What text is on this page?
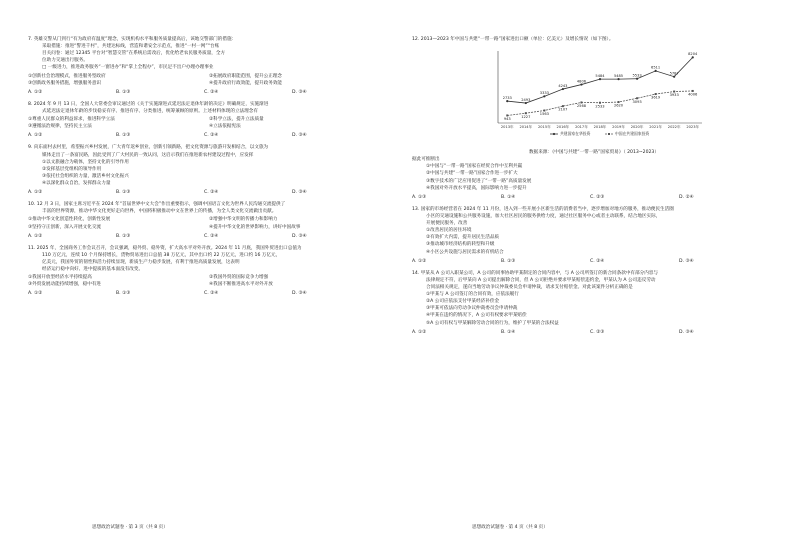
7. 英雄交警从门到行“有为政府有温度”理念，实现机构水平和服务质量提高后，该地交警部门的措施：

采取措施：推进“警进千村”，共建达标线，营造和谐安全示范点，推进“一村一网”“台账

目关问卷：通过 12345 平台对“智慧交管”在系统后需改后，优化给老农民服务质量，全方

位助力交通出行服务。

□ 一级进力，推进政务服务“一窗进办”和“掌上全程办”，市民足不出户办理办理事业

①创新社会治理模式，推进服务型政府	②拓展政府职能范围，提升公正理念
③创新政务服务措施，增强服务意识	④提升政府行政效能，提升政务效能
A. ①②	B. ①③	C. ②④	D. ③④

8. 2024 年 9 月 13 日，全国人大常委会审议通过的《关于实施渐进式延迟法定退休年龄的决定》明确规定，实施渐进

式延迟法定退休年龄的步伐稳妥有序、推进有序、分类推进，统筹兼顾的原则。上述材料体现的立法理念有

①尊重人民群众的利益诉求，推进科学立法	②科学立法，提升立法质量
③遵循法治规律，坚持民主立法	④立法依据宪法
A. ①②	B. ①③	C. ②④	D. ③④

9. 向东面村去村里，希望振兴乡村发展，广大青年返乡创业，创新引领新路，把文化资源与旅游开发相结合，以文旅为

媒体走出了一条富民路，因此受到了广大村民的一致认同，这启示我们在推进新农村建设过程中，应发挥

①以文旅融合为载体，坚持文化的引导作用

②发挥基层党组织的领导作用

③依托社会组织的力量，激活乡村文化振兴

④以深化群众自治，发挥群众力量

A. ①②	B. ①③	C. ②④	D. ③④

10. 12 月 3 日，国家主席习近平在 2024 年“首届世界中文大会”作出重要指示，强调中国语言文化为世界人民沟通交流提供了

丰富的世界资源，推动中华文化更好走向世界，中国将积极推动中文在世界上的传播，为全人类文化交流做出贡献。

①推动中华文化创造性转化，创新性发展	②增强中华文明的传播力和影响力
③坚持守正创新，深入开展文化交流	④提升中华文化的世界影响力，讲好中国故事
A. ①②	B. ①③	C. ②④	D. ③④

11. 2025 年，全国商务工作会议召开，会议强调，稳外贸、稳外资，扩大高水平对外开放。2024 年 11 月底，我国外贸进出口总值为

110 万亿元，连续 10 个月保持增长，货物贸易进出口总值 38 万亿元，其中出口约 22 万亿元，进口约 16 万亿元，

亿美元，我国外贸的韧性和活力持续显现，新质生产力稳步发展，有利于推进高质量发展，这表明

经济运行稳中向好、进中提质的基本面没有改变。

①我国开放型经济水平持续提高	②我国外贸的国际竞争力增强
③外贸发展动能持续增强，稳中有进	④我国不断推进高水平对外开放
A. ①②	B. ①③	C. ②④	D. ③④

12. 2013—2023 年中国与共建“一带一路”国家进出口额（单位：亿美元）及增长情况（如下图）。

2013年 2014年 2015年 2016年 2017年 2018年 2019年 2020年 2021年 2022年 2023年
2733	2493
3333
4243
4806
5484	5485	5533
6511
5787
8204
943
1227
1563
2107
2568	2533	2620
3093
3619
3933	4006
共建国家在华投资	中国在共建国家投资
数据来源：《中国与共建“一带一路”国家贸易》（ 2013~2023）

据此可推断出

①中国与“一带一路”国家在经贸合作中互利共赢

②中国与共建“一带一路”国家合作进一步扩大

③数字技术的广泛应用促进了“一带一路”高质量发展

④我国对外开放水平提高，国际影响力进一步提升

A. ①③	B. ①④	C. ②③	D. ②④

13. 国家的市场经营者在 2024 年 11 月份，进入到一些开展小区新生活的消费者当中，逐步增加对地方的服务，推动便民生活圈

小区的交通设施和公共服务设施，加大社区居民的服务供给力度，通过社区服务中心或者主动联系，结合地区实际，

开展便民服务，改善

①改善居民的居住环境

②有效扩大内需，提升居民生活品质

③推动城市经济结构的转型和升级

④小区公共设施与居民需求的有机结合

A. ①②	B. ①③	C. ②④	D. ③④

14. 甲某从 A 公司入职某公司，A 公司的同事协助甲某制定的合同内容中，与 A 公司所签订的新合同条款中有部分内容与

法律规定不符，后甲某向 A 公司提出解除合同，但 A 公司拒绝并要求甲某赔偿违约金，甲某认为 A 公司违反劳动

合同法相关规定，遂向当地劳动争议仲裁委员会申请仲裁，请求支付赔偿金。对此该案件分析正确的是

①甲某与 A 公司签订的合同有效，应依法履行

②A 公司应依法支付甲某经济补偿金

③甲某可依法向劳动争议仲裁委员会申请仲裁

④甲某在违约的情况下，A 公司有权要求甲某赔偿

⑤A 公司有权与甲某解除劳动合同的行为，维护了甲某的合法权益

A. ①②	B. ①④	C. ②③	D. ③④
思想政治试题卷 · 第 3 页（共 8 页）	思想政治试题卷 · 第 4 页（共 8 页）
